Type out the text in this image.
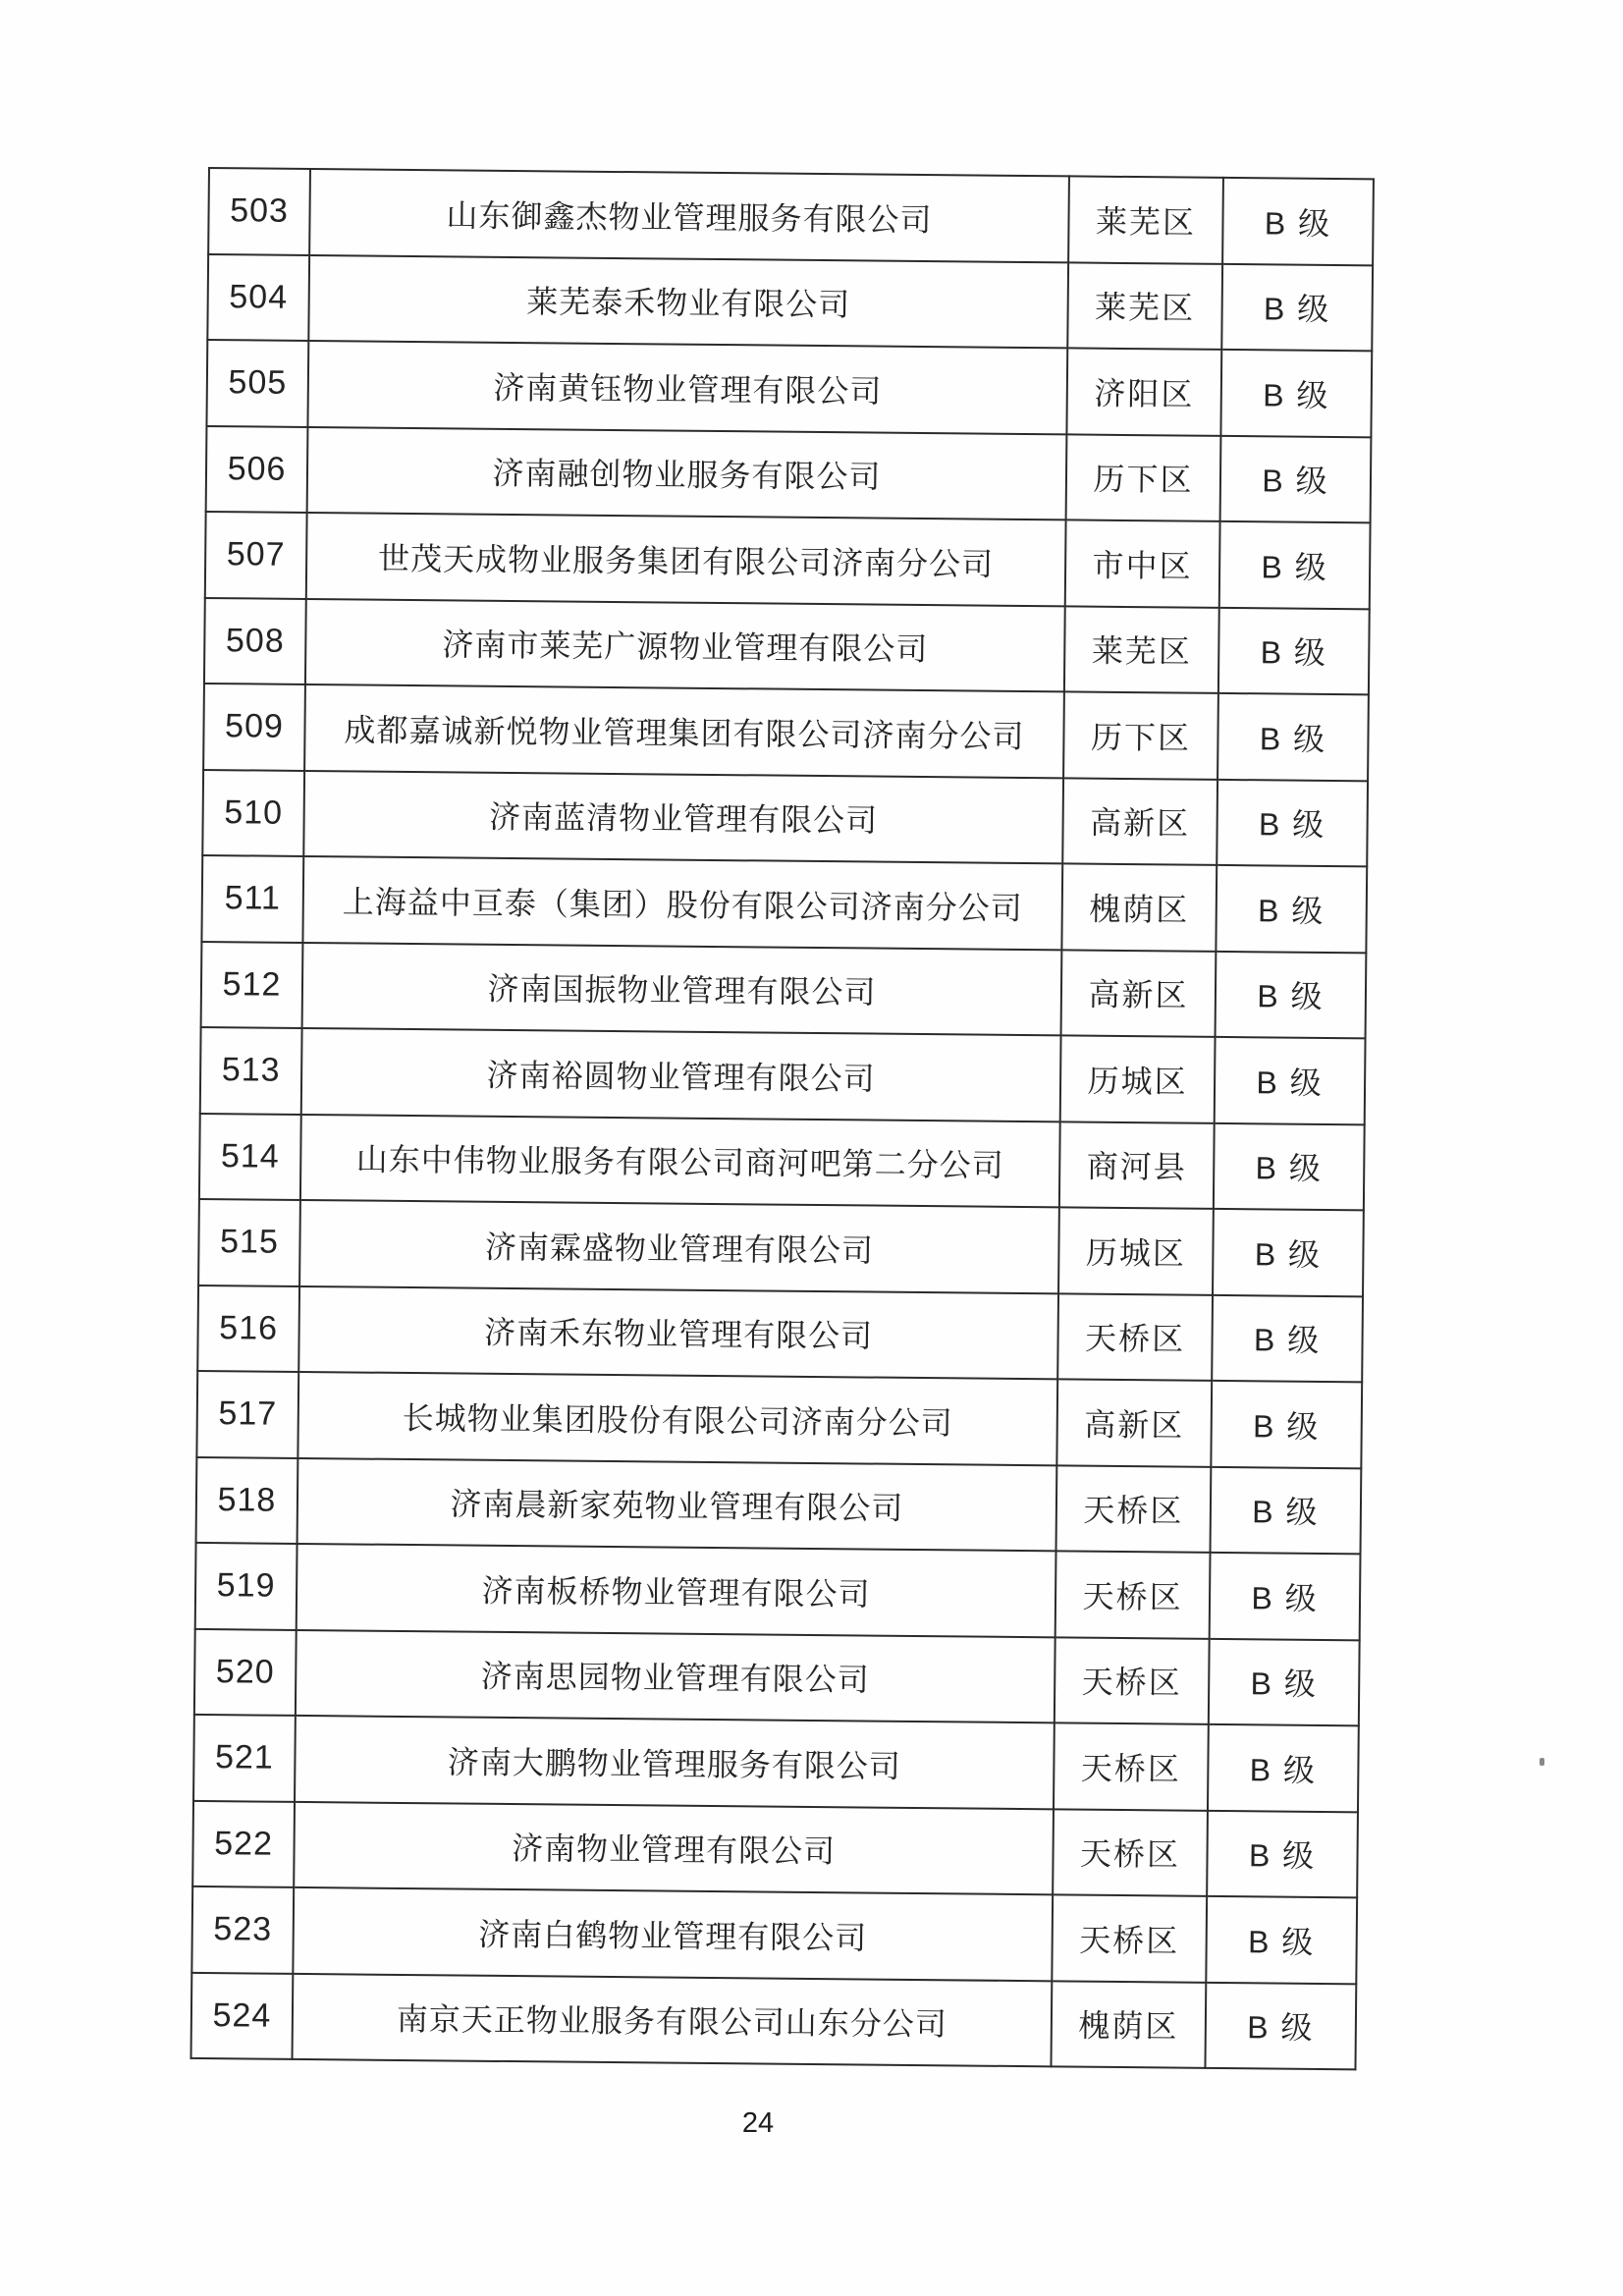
503	山东御鑫杰物业管理服务有限公司	莱芜区	B 级
504	莱芜泰禾物业有限公司	莱芜区	B 级
505	济南黄钰物业管理有限公司	济阳区	B 级
506	济南融创物业服务有限公司	历下区	B 级
507	世茂天成物业服务集团有限公司济南分公司	市中区	B 级
508	济南市莱芜广源物业管理有限公司	莱芜区	B 级
509	成都嘉诚新悦物业管理集团有限公司济南分公司	历下区	B 级
510	济南蓝清物业管理有限公司	高新区	B 级
511	上海益中亘泰（集团）股份有限公司济南分公司	槐荫区	B 级
512	济南国振物业管理有限公司	高新区	B 级
513	济南裕圆物业管理有限公司	历城区	B 级
514	山东中伟物业服务有限公司商河吧第二分公司	商河县	B 级
515	济南霖盛物业管理有限公司	历城区	B 级
516	济南禾东物业管理有限公司	天桥区	B 级
517	长城物业集团股份有限公司济南分公司	高新区	B 级
518	济南晨新家苑物业管理有限公司	天桥区	B 级
519	济南板桥物业管理有限公司	天桥区	B 级
520	济南思园物业管理有限公司	天桥区	B 级
521	济南大鹏物业管理服务有限公司	天桥区	B 级
522	济南物业管理有限公司	天桥区	B 级
523	济南白鹤物业管理有限公司	天桥区	B 级
524	南京天正物业服务有限公司山东分公司	槐荫区	B 级
24
